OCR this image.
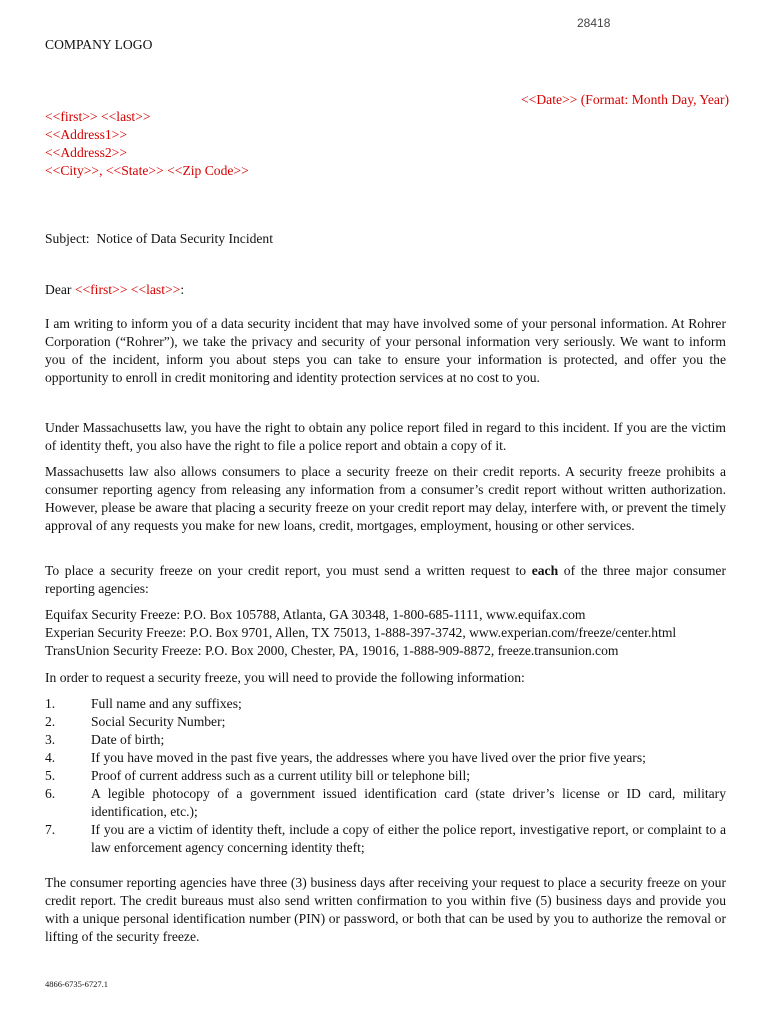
28418
COMPANY LOGO
<<Date>> (Format: Month Day, Year)
<<first>> <<last>>
<<Address1>>
<<Address2>>
<<City>>, <<State>> <<Zip Code>>
Subject:  Notice of Data Security Incident
Dear <<first>> <<last>>:
I am writing to inform you of a data security incident that may have involved some of your personal information. At Rohrer Corporation (“Rohrer”), we take the privacy and security of your personal information very seriously. We want to inform you of the incident, inform you about steps you can take to ensure your information is protected, and offer you the opportunity to enroll in credit monitoring and identity protection services at no cost to you.
Under Massachusetts law, you have the right to obtain any police report filed in regard to this incident. If you are the victim of identity theft, you also have the right to file a police report and obtain a copy of it.
Massachusetts law also allows consumers to place a security freeze on their credit reports. A security freeze prohibits a consumer reporting agency from releasing any information from a consumer’s credit report without written authorization. However, please be aware that placing a security freeze on your credit report may delay, interfere with, or prevent the timely approval of any requests you make for new loans, credit, mortgages, employment, housing or other services.
To place a security freeze on your credit report, you must send a written request to each of the three major consumer reporting agencies:
Equifax Security Freeze: P.O. Box 105788, Atlanta, GA 30348, 1-800-685-1111, www.equifax.com
Experian Security Freeze: P.O. Box 9701, Allen, TX 75013, 1-888-397-3742, www.experian.com/freeze/center.html
TransUnion Security Freeze: P.O. Box 2000, Chester, PA, 19016, 1-888-909-8872, freeze.transunion.com
In order to request a security freeze, you will need to provide the following information:
1.	Full name and any suffixes;
2.	Social Security Number;
3.	Date of birth;
4.	If you have moved in the past five years, the addresses where you have lived over the prior five years;
5.	Proof of current address such as a current utility bill or telephone bill;
6.	A legible photocopy of a government issued identification card (state driver’s license or ID card, military identification, etc.);
7.	If you are a victim of identity theft, include a copy of either the police report, investigative report, or complaint to a law enforcement agency concerning identity theft;
The consumer reporting agencies have three (3) business days after receiving your request to place a security freeze on your credit report. The credit bureaus must also send written confirmation to you within five (5) business days and provide you with a unique personal identification number (PIN) or password, or both that can be used by you to authorize the removal or lifting of the security freeze.
4866-6735-6727.1
